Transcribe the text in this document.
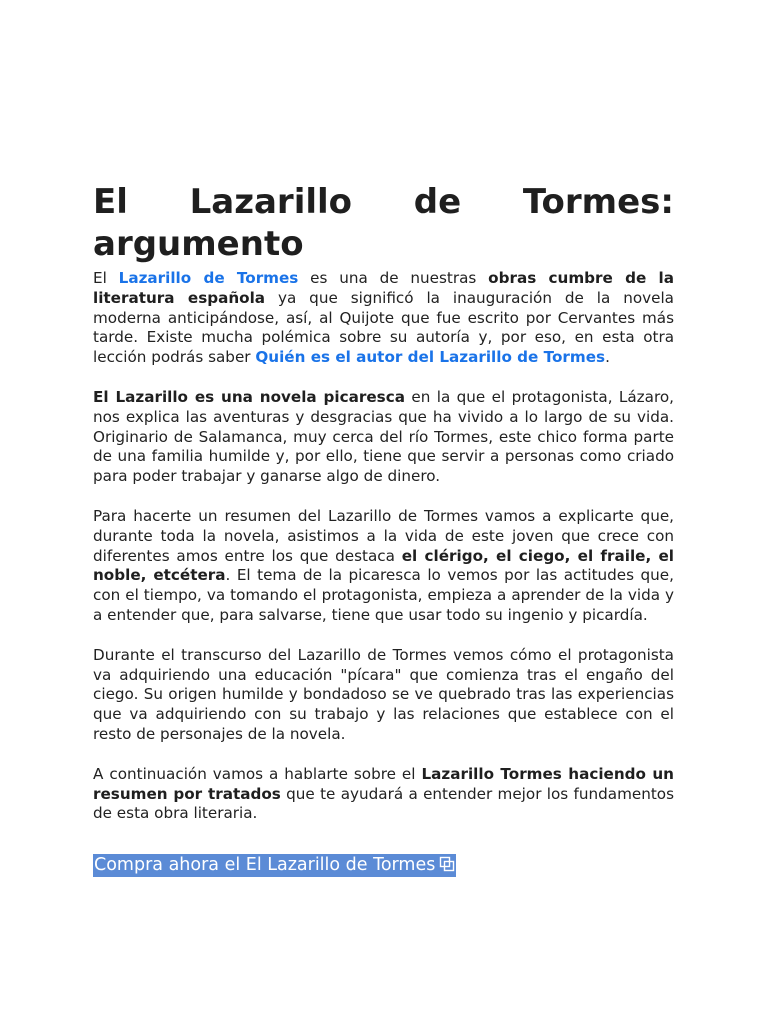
El Lazarillo de Tormes:
argumento

El Lazarillo de Tormes es una de nuestras obras cumbre de la literatura española ya que significó la inauguración de la novela moderna anticipándose, así, al Quijote que fue escrito por Cervantes más tarde. Existe mucha polémica sobre su autoría y, por eso, en esta otra lección podrás saber Quién es el autor del Lazarillo de Tormes.

El Lazarillo es una novela picaresca en la que el protagonista, Lázaro, nos explica las aventuras y desgracias que ha vivido a lo largo de su vida. Originario de Salamanca, muy cerca del río Tormes, este chico forma parte de una familia humilde y, por ello, tiene que servir a personas como criado para poder trabajar y ganarse algo de dinero.

Para hacerte un resumen del Lazarillo de Tormes vamos a explicarte que, durante toda la novela, asistimos a la vida de este joven que crece con diferentes amos entre los que destaca el clérigo, el ciego, el fraile, el noble, etcétera. El tema de la picaresca lo vemos por las actitudes que, con el tiempo, va tomando el protagonista, empieza a aprender de la vida y a entender que, para salvarse, tiene que usar todo su ingenio y picardía.

Durante el transcurso del Lazarillo de Tormes vemos cómo el protagonista va adquiriendo una educación "pícara" que comienza tras el engaño del ciego. Su origen humilde y bondadoso se ve quebrado tras las experiencias que va adquiriendo con su trabajo y las relaciones que establece con el resto de personajes de la novela.

A continuación vamos a hablarte sobre el Lazarillo Tormes haciendo un resumen por tratados que te ayudará a entender mejor los fundamentos de esta obra literaria.

Compra ahora el El Lazarillo de Tormes
